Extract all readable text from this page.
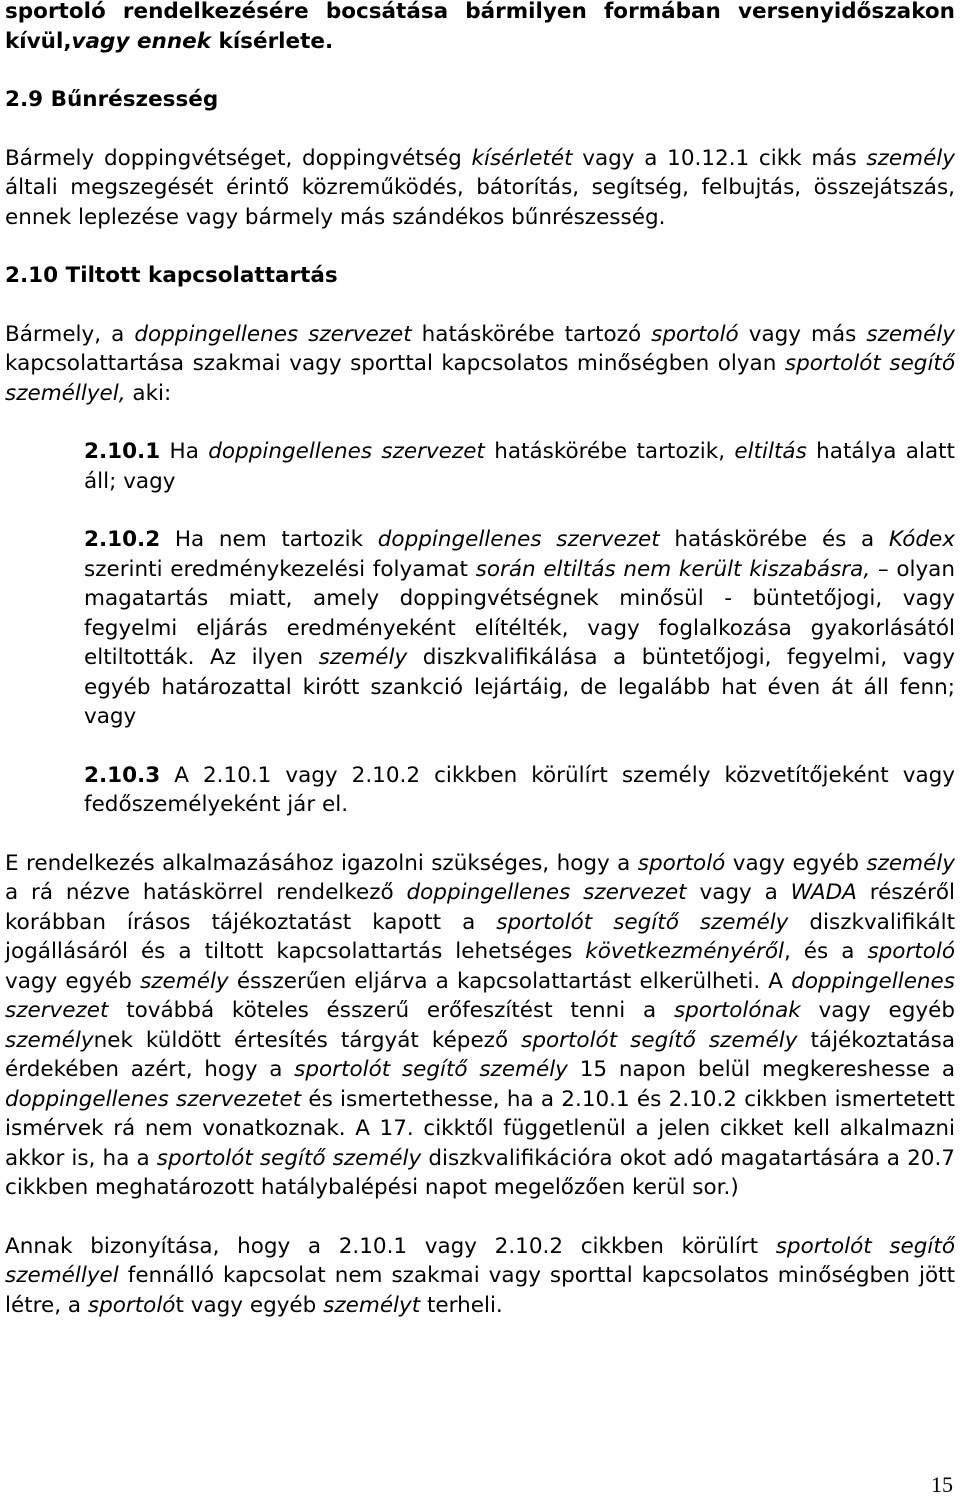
sportoló rendelkezésére bocsátása bármilyen formában versenyidőszakon kívül,vagy ennek kísérlete.

2.9 Bűnrészesség

Bármely doppingvétséget, doppingvétség kísérletét vagy a 10.12.1 cikk más személy általi megszegését érintő közreműködés, bátorítás, segítség, felbujtás, összejátszás, ennek leplezése vagy bármely más szándékos bűnrészesség.

2.10 Tiltott kapcsolattartás

Bármely, a doppingellenes szervezet hatáskörébe tartozó sportoló vagy más személy kapcsolattartása szakmai vagy sporttal kapcsolatos minőségben olyan sportolót segítő személlyel, aki:

2.10.1 Ha doppingellenes szervezet hatáskörébe tartozik, eltiltás hatálya alatt áll; vagy

2.10.2 Ha nem tartozik doppingellenes szervezet hatáskörébe és a Kódex szerinti eredménykezelési folyamat során eltiltás nem került kiszabásra, – olyan magatartás miatt, amely doppingvétségnek minősül - büntetőjogi, vagy fegyelmi eljárás eredményeként elítélték, vagy foglalkozása gyakorlásától eltiltották. Az ilyen személy diszkvalifikálása a büntetőjogi, fegyelmi, vagy egyéb határozattal kirótt szankció lejártáig, de legalább hat éven át áll fenn; vagy

2.10.3 A 2.10.1 vagy 2.10.2 cikkben körülírt személy közvetítőjeként vagy fedőszemélyeként jár el.

E rendelkezés alkalmazásához igazolni szükséges, hogy a sportoló vagy egyéb személy a rá nézve hatáskörrel rendelkező doppingellenes szervezet vagy a WADA részéről korábban írásos tájékoztatást kapott a sportolót segítő személy diszkvalifikált jogállásáról és a tiltott kapcsolattartás lehetséges következményéről, és a sportoló vagy egyéb személy ésszerűen eljárva a kapcsolattartást elkerülheti. A doppingellenes szervezet továbbá köteles ésszerű erőfeszítést tenni a sportolónak vagy egyéb személynek küldött értesítés tárgyát képező sportolót segítő személy tájékoztatása érdekében azért, hogy a sportolót segítő személy 15 napon belül megkereshesse a doppingellenes szervezetet és ismertethesse, ha a 2.10.1 és 2.10.2 cikkben ismertetett ismérvek rá nem vonatkoznak. A 17. cikktől függetlenül a jelen cikket kell alkalmazni akkor is, ha a sportolót segítő személy diszkvalifikációra okot adó magatartására a 20.7 cikkben meghatározott hatálybalépési napot megelőzően kerül sor.)

Annak bizonyítása, hogy a 2.10.1 vagy 2.10.2 cikkben körülírt sportolót segítő személlyel fennálló kapcsolat nem szakmai vagy sporttal kapcsolatos minőségben jött létre, a sportolót vagy egyéb személyt terheli.

15
